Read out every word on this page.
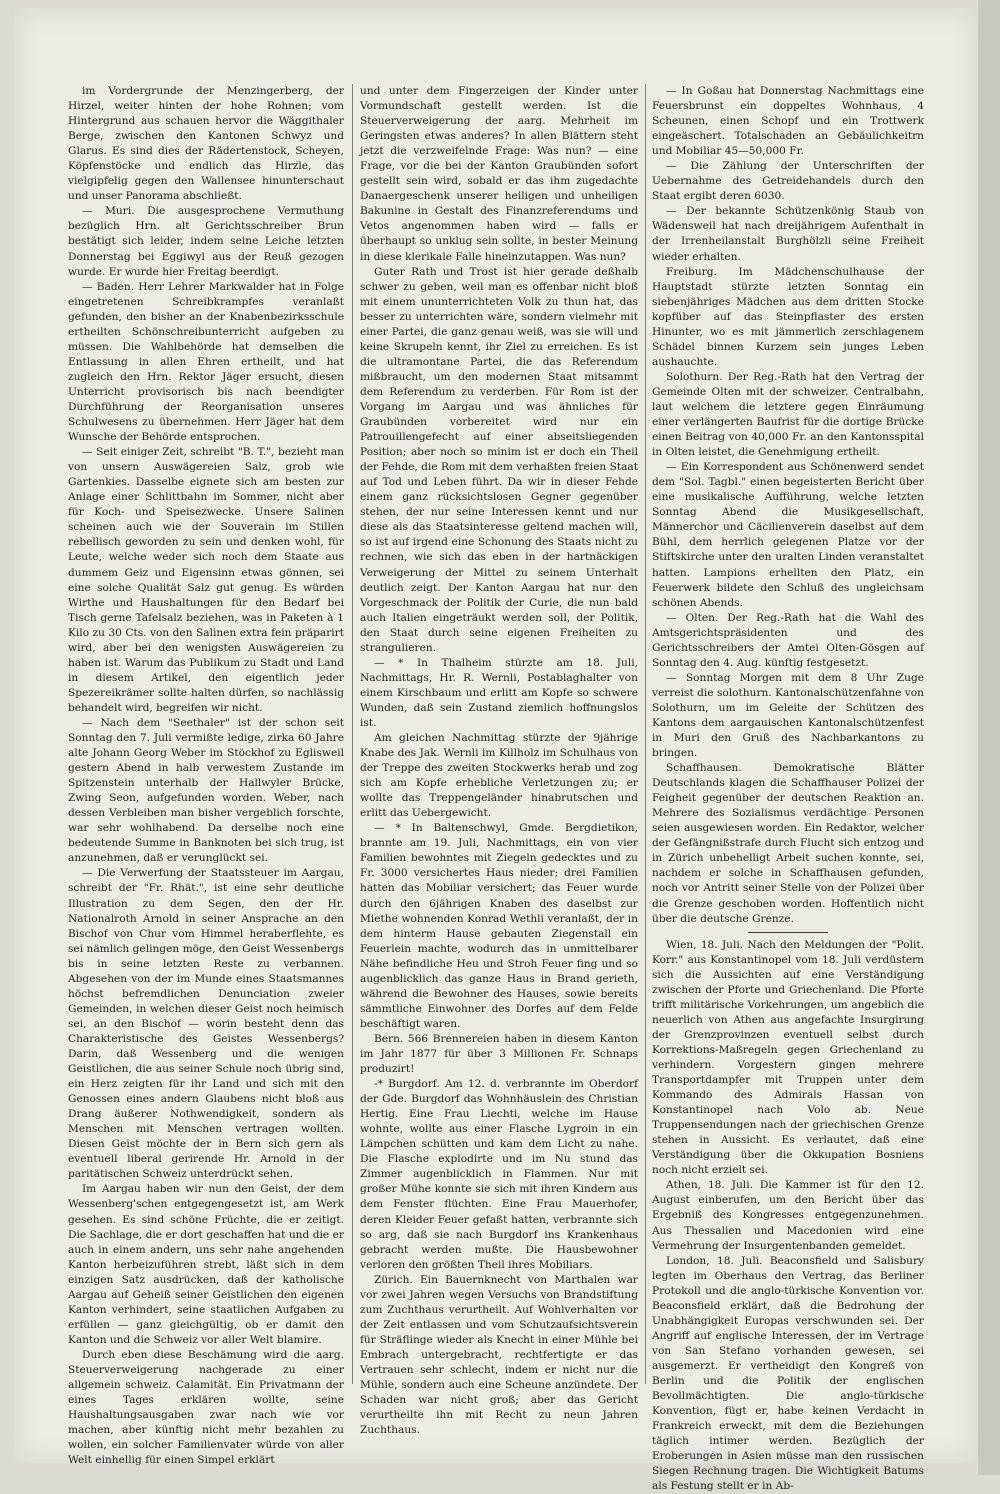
im Vordergrunde der Menzingerberg, der Hirzel, weiter hinten der hohe Rohnen; vom Hintergrund aus schauen hervor die Wäggithaler Berge, zwischen den Kantonen Schwyz und Glarus. Es sind dies der Rädertenstock, Scheyen, Köpfenstöcke und endlich das Hirzle, das vielgipfelig gegen den Wallensee hinunterschaut und unser Panorama abschließt.

— Muri. Die ausgesprochene Vermuthung bezüglich Hrn. alt Gerichtsschreiber Brun bestätigt sich leider, indem seine Leiche letzten Donnerstag bei Eggiwyl aus der Reuß gezogen wurde. Er wurde hier Freitag beerdigt.

— Baden. Herr Lehrer Markwalder hat in Folge eingetretenen Schreibkrampfes veranlaßt gefunden, den bisher an der Knabenbezirksschule ertheilten Schönschreibunterricht aufgeben zu müssen. Die Wahlbehörde hat demselben die Entlassung in allen Ehren ertheilt, und hat zugleich den Hrn. Rektor Jäger ersucht, diesen Unterricht provisorisch bis nach beendigter Durchführung der Reorganisation unseres Schulwesens zu übernehmen. Herr Jäger hat dem Wunsche der Behörde entsprochen.

— Seit einiger Zeit, schreibt "B. T.", bezieht man von unsern Auswägereien Salz, grob wie Gartenkies. Dasselbe eignete sich am besten zur Anlage einer Schlittbahn im Sommer, nicht aber für Koch- und Speisezwecke. Unsere Salinen scheinen auch wie der Souverain im Stillen rebellisch geworden zu sein und denken wohl, für Leute, welche weder sich noch dem Staate aus dummem Geiz und Eigensinn etwas gönnen, sei eine solche Qualität Salz gut genug. Es würden Wirthe und Haushaltungen für den Bedarf bei Tisch gerne Tafelsalz beziehen, was in Paketen à 1 Kilo zu 30 Cts. von den Salinen extra fein präparirt wird, aber bei den wenigsten Auswägereien zu haben ist. Warum das Publikum zu Stadt und Land in diesem Artikel, den eigentlich jeder Spezereikrämer sollte halten dürfen, so nachlässig behandelt wird, begreifen wir nicht.

— Nach dem "Seethaler" ist der schon seit Sonntag den 7. Juli vermißte ledige, zirka 60 Jahre alte Johann Georg Weber im Stöckhof zu Eglisweil gestern Abend in halb verwestem Zustande im Spitzenstein unterhalb der Hallwyler Brücke, Zwing Seon, aufgefunden worden. Weber, nach dessen Verbleiben man bisher vergeblich forschte, war sehr wohlhabend. Da derselbe noch eine bedeutende Summe in Banknoten bei sich trug, ist anzunehmen, daß er verunglückt sei.

— Die Verwerfung der Staatssteuer im Aargau, schreibt der "Fr. Rhät.", ist eine sehr deutliche Illustration zu dem Segen, den der Hr. Nationalroth Arnold in seiner Ansprache an den Bischof von Chur vom Himmel heraberflehte, es sei nämlich gelingen möge, den Geist Wessenbergs bis in seine letzten Reste zu verbannen. Abgesehen von der im Munde eines Staatsmannes höchst befremdlichen Denunciation zweier Gemeinden, in welchen dieser Geist noch heimisch sei, an den Bischof — worin besteht denn das Charakteristische des Geistes Wessenbergs? Darin, daß Wessenberg und die wenigen Geistlichen, die aus seiner Schule noch übrig sind, ein Herz zeigten für ihr Land und sich mit den Genossen eines andern Glaubens nicht bloß aus Drang äußerer Nothwendigkeit, sondern als Menschen mit Menschen vertragen wollten. Diesen Geist möchte der in Bern sich gern als eventuell liberal gerirende Hr. Arnold in der paritätischen Schweiz unterdrückt sehen.

Im Aargau haben wir nun den Geist, der dem Wessenberg'schen entgegengesetzt ist, am Werk gesehen. Es sind schöne Früchte, die er zeitigt. Die Sachlage, die er dort geschaffen hat und die er auch in einem andern, uns sehr nahe angehenden Kanton herbeizuführen strebt, läßt sich in dem einzigen Satz ausdrücken, daß der katholische Aargau auf Geheiß seiner Geistlichen den eigenen Kanton verhindert, seine staatlichen Aufgaben zu erfüllen — ganz gleichgültig, ob er damit den Kanton und die Schweiz vor aller Welt blamire.

Durch eben diese Beschämung wird die aarg. Steuerverweigerung nachgerade zu einer allgemein schweiz. Calamität. Ein Privatmann der eines Tages erklären wollte, seine Haushaltungsausgaben zwar nach wie vor machen, aber künftig nicht mehr bezahlen zu wollen, ein solcher Familienvater würde von aller Welt einhellig für einen Simpel erklärt

und unter dem Fingerzeigen der Kinder unter Vormundschaft gestellt werden. Ist die Steuerverweigerung der aarg. Mehrheit im Geringsten etwas anderes? In allen Blättern steht jetzt die verzweifelnde Frage: Was nun? — eine Frage, vor die bei der Kanton Graubünden sofort gestellt sein wird, sobald er das ihm zugedachte Danaergeschenk unserer heiligen und unheiligen Bakunine in Gestalt des Finanzreferendums und Vetos angenommen haben wird — falls er überhaupt so unklug sein sollte, in bester Meinung in diese klerikale Falle hineinzutappen. Was nun?

Guter Rath und Trost ist hier gerade deßhalb schwer zu geben, weil man es offenbar nicht bloß mit einem ununterrichteten Volk zu thun hat, das besser zu unterrichten wäre, sondern vielmehr mit einer Partei, die ganz genau weiß, was sie will und keine Skrupeln kennt, ihr Ziel zu erreichen. Es ist die ultramontane Partei, die das Referendum mißbraucht, um den modernen Staat mitsammt dem Referendum zu verderben. Für Rom ist der Vorgang im Aargau und was ähnliches für Graubünden vorbereitet wird nur ein Patrouillengefecht auf einer abseitsliegenden Position; aber noch so minim ist er doch ein Theil der Fehde, die Rom mit dem verhaßten freien Staat auf Tod und Leben führt. Da wir in dieser Fehde einem ganz rücksichtslosen Gegner gegenüber stehen, der nur seine Interessen kennt und nur diese als das Staatsinteresse geltend machen will, so ist auf irgend eine Schonung des Staats nicht zu rechnen, wie sich das eben in der hartnäckigen Verweigerung der Mittel zu seinem Unterhalt deutlich zeigt. Der Kanton Aargau hat nur den Vorgeschmack der Politik der Curie, die nun bald auch Italien eingeträukt werden soll, der Politik, den Staat durch seine eigenen Freiheiten zu strangulieren.

— * In Thalheim stürzte am 18. Juli, Nachmittags, Hr. R. Wernli, Postablaghalter von einem Kirschbaum und erlitt am Kopfe so schwere Wunden, daß sein Zustand ziemlich hoffnungslos ist.

Am gleichen Nachmittag stürzte der 9jährige Knabe des Jak. Wernli im Killholz im Schulhaus von der Treppe des zweiten Stockwerks herab und zog sich am Kopfe erhebliche Verletzungen zu; er wollte das Treppengeländer hinabrutschen und erlitt das Uebergewicht.

— * In Baltenschwyl, Gmde. Bergdietikon, brannte am 19. Juli, Nachmittags, ein von vier Familien bewohntes mit Ziegeln gedecktes und zu Fr. 3000 versichertes Haus nieder; drei Familien hatten das Mobiliar versichert; das Feuer wurde durch den 6jährigen Knaben des daselbst zur Miethe wohnenden Konrad Wethli veranlaßt, der in dem hinterm Hause gebauten Ziegenstall ein Feuerlein machte, wodurch das in unmittelbarer Nähe befindliche Heu und Stroh Feuer fing und so augenblicklich das ganze Haus in Brand gerieth, während die Bewohner des Hauses, sowie bereits sämmtliche Einwohner des Dorfes auf dem Felde beschäftigt waren.

Bern. 566 Brennereien haben in diesem Kanton im Jahr 1877 für über 3 Millionen Fr. Schnaps produzirt!

-* Burgdorf. Am 12. d. verbrannte im Oberdorf der Gde. Burgdorf das Wohnhäuslein des Christian Hertig. Eine Frau Liechti, welche im Hause wohnte, wollte aus einer Flasche Lygroin in ein Lämpchen schütten und kam dem Licht zu nahe. Die Flasche explodirte und im Nu stund das Zimmer augenblicklich in Flammen. Nur mit großer Mühe konnte sie sich mit ihren Kindern aus dem Fenster flüchten. Eine Frau Mauerhofer, deren Kleider Feuer gefaßt hatten, verbrannte sich so arg, daß sie nach Burgdorf ins Krankenhaus gebracht werden mußte. Die Hausbewohner verloren den größten Theil ihres Mobiliars.

Zürich. Ein Bauernknecht von Marthalen war vor zwei Jahren wegen Versuchs von Brandstiftung zum Zuchthaus verurtheilt. Auf Wohlverhalten vor der Zeit entlassen und vom Schutzaufsichtsverein für Sträflinge wieder als Knecht in einer Mühle bei Embrach untergebracht, rechtfertigte er das Vertrauen sehr schlecht, indem er nicht nur die Mühle, sondern auch eine Scheune anzündete. Der Schaden war nicht groß; aber das Gericht verurtheilte ihn mit Recht zu neun Jahren Zuchthaus.

— In Goßau hat Donnerstag Nachmittags eine Feuersbrunst ein doppeltes Wohnhaus, 4 Scheunen, einen Schopf und ein Trottwerk eingeäschert. Totalschaden an Gebäulichkeitrn und Mobiliar 45—50,000 Fr.

— Die Zählung der Unterschriften der Uebernahme des Getreidehandels durch den Staat ergibt deren 6030.

— Der bekannte Schützenkönig Staub von Wädensweil hat nach dreijährigem Aufenthalt in der Irrenheilanstalt Burghölzli seine Freiheit wieder erhalten.

Freiburg. Im Mädchenschulhause der Hauptstadt stürzte letzten Sonntag ein siebenjähriges Mädchen aus dem dritten Stocke kopfüber auf das Steinpflaster des ersten Hinunter, wo es mit jämmerlich zerschlagenem Schädel binnen Kurzem sein junges Leben aushauchte.

Solothurn. Der Reg.-Rath hat den Vertrag der Gemeinde Olten mit der schweizer. Centralbahn, laut welchem die letztere gegen Einräumung einer verlängerten Baufrist für die dortige Brücke einen Beitrag von 40,000 Fr. an den Kantonsspital in Olten leistet, die Genehmigung ertheilt.

— Ein Korrespondent aus Schönenwerd sendet dem "Sol. Tagbl." einen begeisterten Bericht über eine musikalische Aufführung, welche letzten Sonntag Abend die Musikgesellschaft, Männerchor und Cäcilienverein daselbst auf dem Bühl, dem herrlich gelegenen Platze vor der Stiftskirche unter den uralten Linden veranstaltet hatten. Lampions erhellten den Platz, ein Feuerwerk bildete den Schluß des ungleichsam schönen Abends.

— Olten. Der Reg.-Rath hat die Wahl des Amtsgerichtspräsidenten und des Gerichtsschreibers der Amtei Olten-Gösgen auf Sonntag den 4. Aug. künftig festgesetzt.

— Sonntag Morgen mit dem 8 Uhr Zuge verreist die solothurn. Kantonalschützenfahne von Solothurn, um im Geleite der Schützen des Kantons dem aargauischen Kantonalschützenfest in Muri den Gruß des Nachbarkantons zu bringen.

Schaffhausen. Demokratische Blätter Deutschlands klagen die Schaffhauser Polizei der Feigheit gegenüber der deutschen Reaktion an. Mehrere des Sozialismus verdächtige Personen seien ausgewiesen worden. Ein Redaktor, welcher der Gefängnißstrafe durch Flucht sich entzog und in Zürich unbehelligt Arbeit suchen konnte, sei, nachdem er solche in Schaffhausen gefunden, noch vor Antritt seiner Stelle von der Polizei über die Grenze geschoben worden. Hoffentlich nicht über die deutsche Grenze.

Wien, 18. Juli. Nach den Meldungen der "Polit. Korr." aus Konstantinopel vom 18. Juli verdüstern sich die Aussichten auf eine Verständigung zwischen der Pforte und Griechenland. Die Pforte trifft militärische Vorkehrungen, um angeblich die neuerlich von Athen aus angefachte Insurgirung der Grenzprovinzen eventuell selbst durch Korrektions-Maßregeln gegen Griechenland zu verhindern. Vorgestern gingen mehrere Transportdampfer mit Truppen unter dem Kommando des Admirals Hassan von Konstantinopel nach Volo ab. Neue Truppensendungen nach der griechischen Grenze stehen in Aussicht. Es verlautet, daß eine Verständigung über die Okkupation Bosniens noch nicht erzielt sei.

Athen, 18. Juli. Die Kammer ist für den 12. August einberufen, um den Bericht über das Ergebniß des Kongresses entgegenzunehmen. Aus Thessalien und Macedonien wird eine Vermehrung der Insurgentenbanden gemeldet.

London, 18. Juli. Beaconsfield und Salisbury legten im Oberhaus den Vertrag, das Berliner Protokoll und die anglo-türkische Konvention vor. Beaconsfield erklärt, daß die Bedrohung der Unabhängigkeit Europas verschwunden sei. Der Angriff auf englische Interessen, der im Vertrage von San Stefano vorhanden gewesen, sei ausgemerzt. Er vertheidigt den Kongreß von Berlin und die Politik der englischen Bevollmächtigten. Die anglo-türkische Konvention, fügt er, habe keinen Verdacht in Frankreich erweckt, mit dem die Beziehungen täglich intimer werden. Bezüglich der Eroberungen in Asien müsse man den russischen Siegen Rechnung tragen. Die Wichtigkeit Batums als Festung stellt er in Ab-
